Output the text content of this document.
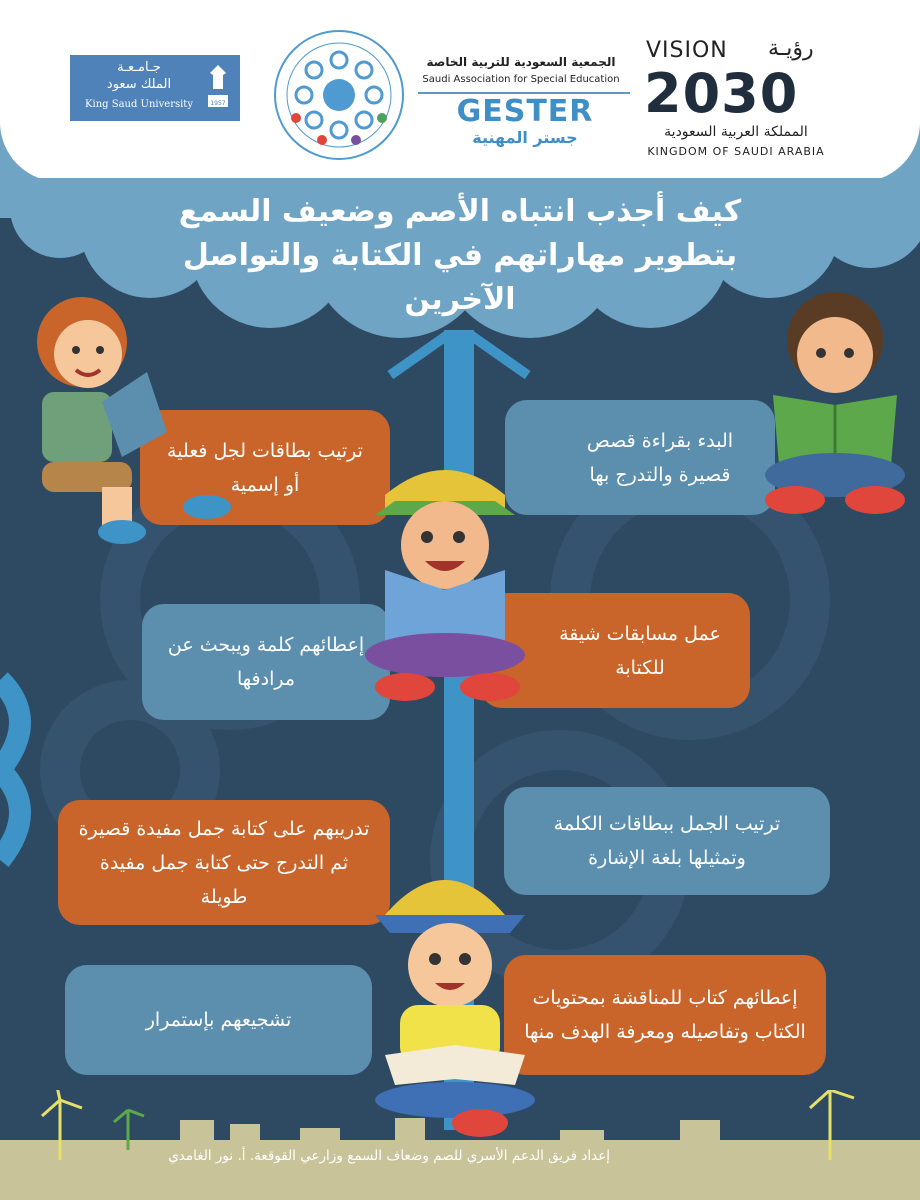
جـامـعـة
الملك سعود
King Saud University	1957
الجمعية السعودية للتربية الخاصة
Saudi Association for Special Education
GESTER
جستر المهنية
VISION	رؤيـة
2030
المملكة العربية السعودية
KINGDOM OF SAUDI ARABIA
كيف أجذب انتباه الأصم وضعيف السمع بتطوير مهاراتهم في الكتابة والتواصل الآخرين
ترتيب بطاقات لجل فعلية أو إسمية
البدء بقراءة قصص قصيرة والتدرج بها
إعطائهم كلمة ويبحث عن مرادفها
عمل مسابقات شيقة للكتابة
تدريبهم على كتابة جمل مفيدة قصيرة ثم التدرج حتى كتابة جمل مفيدة طويلة
ترتيب الجمل ببطاقات الكلمة وتمثيلها بلغة الإشارة
تشجيعهم بإستمرار
إعطائهم كتاب للمناقشة بمحتويات الكتاب وتفاصيله ومعرفة الهدف منها
إعداد فريق الدعم الأسري للصم وضعاف السمع وزارعي القوقعة. أ. نور الغامدي
